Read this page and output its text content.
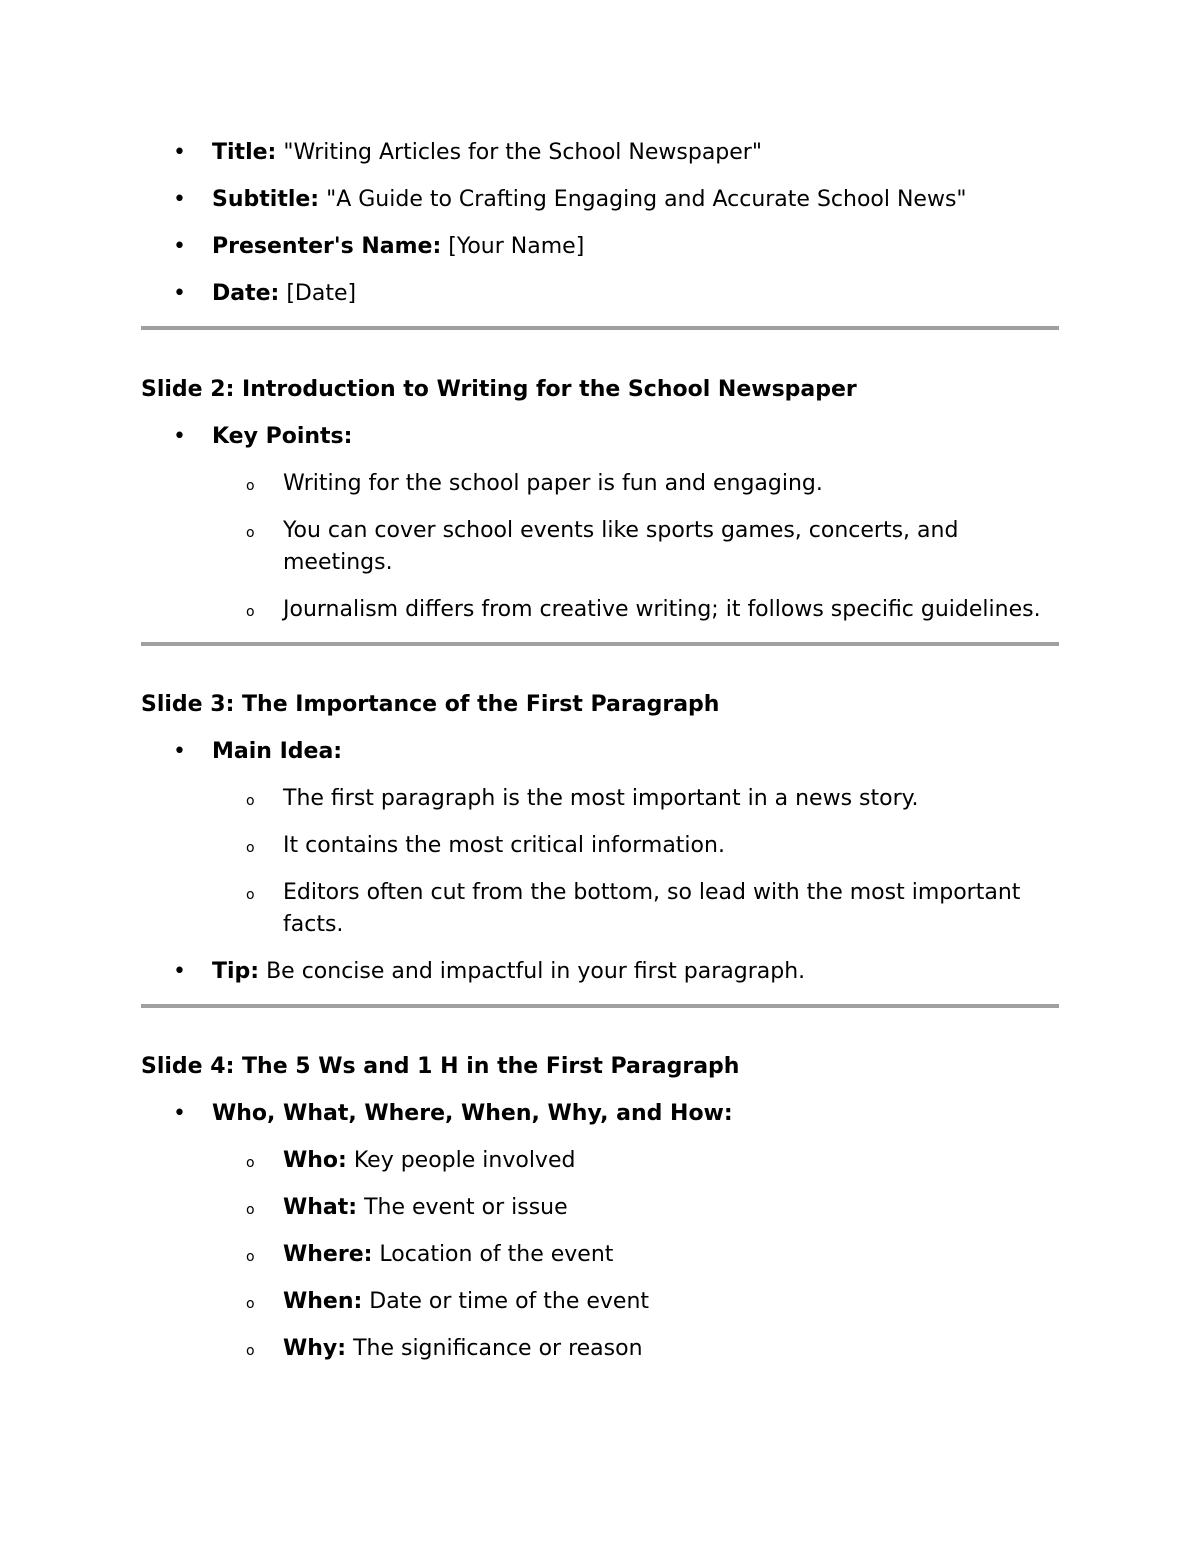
• Title: "Writing Articles for the School Newspaper"
• Subtitle: "A Guide to Crafting Engaging and Accurate School News"
• Presenter's Name: [Your Name]
• Date: [Date]
Slide 2: Introduction to Writing for the School Newspaper
• Key Points:
o	Writing for the school paper is fun and engaging.
o	You can cover school events like sports games, concerts, and meetings.
o	Journalism differs from creative writing; it follows specific guidelines.
Slide 3: The Importance of the First Paragraph
• Main Idea:
o	The first paragraph is the most important in a news story.
o	It contains the most critical information.
o	Editors often cut from the bottom, so lead with the most important facts.
• Tip: Be concise and impactful in your first paragraph.
Slide 4: The 5 Ws and 1 H in the First Paragraph
• Who, What, Where, When, Why, and How:
o	Who: Key people involved
o	What: The event or issue
o	Where: Location of the event
o	When: Date or time of the event
o	Why: The significance or reason
